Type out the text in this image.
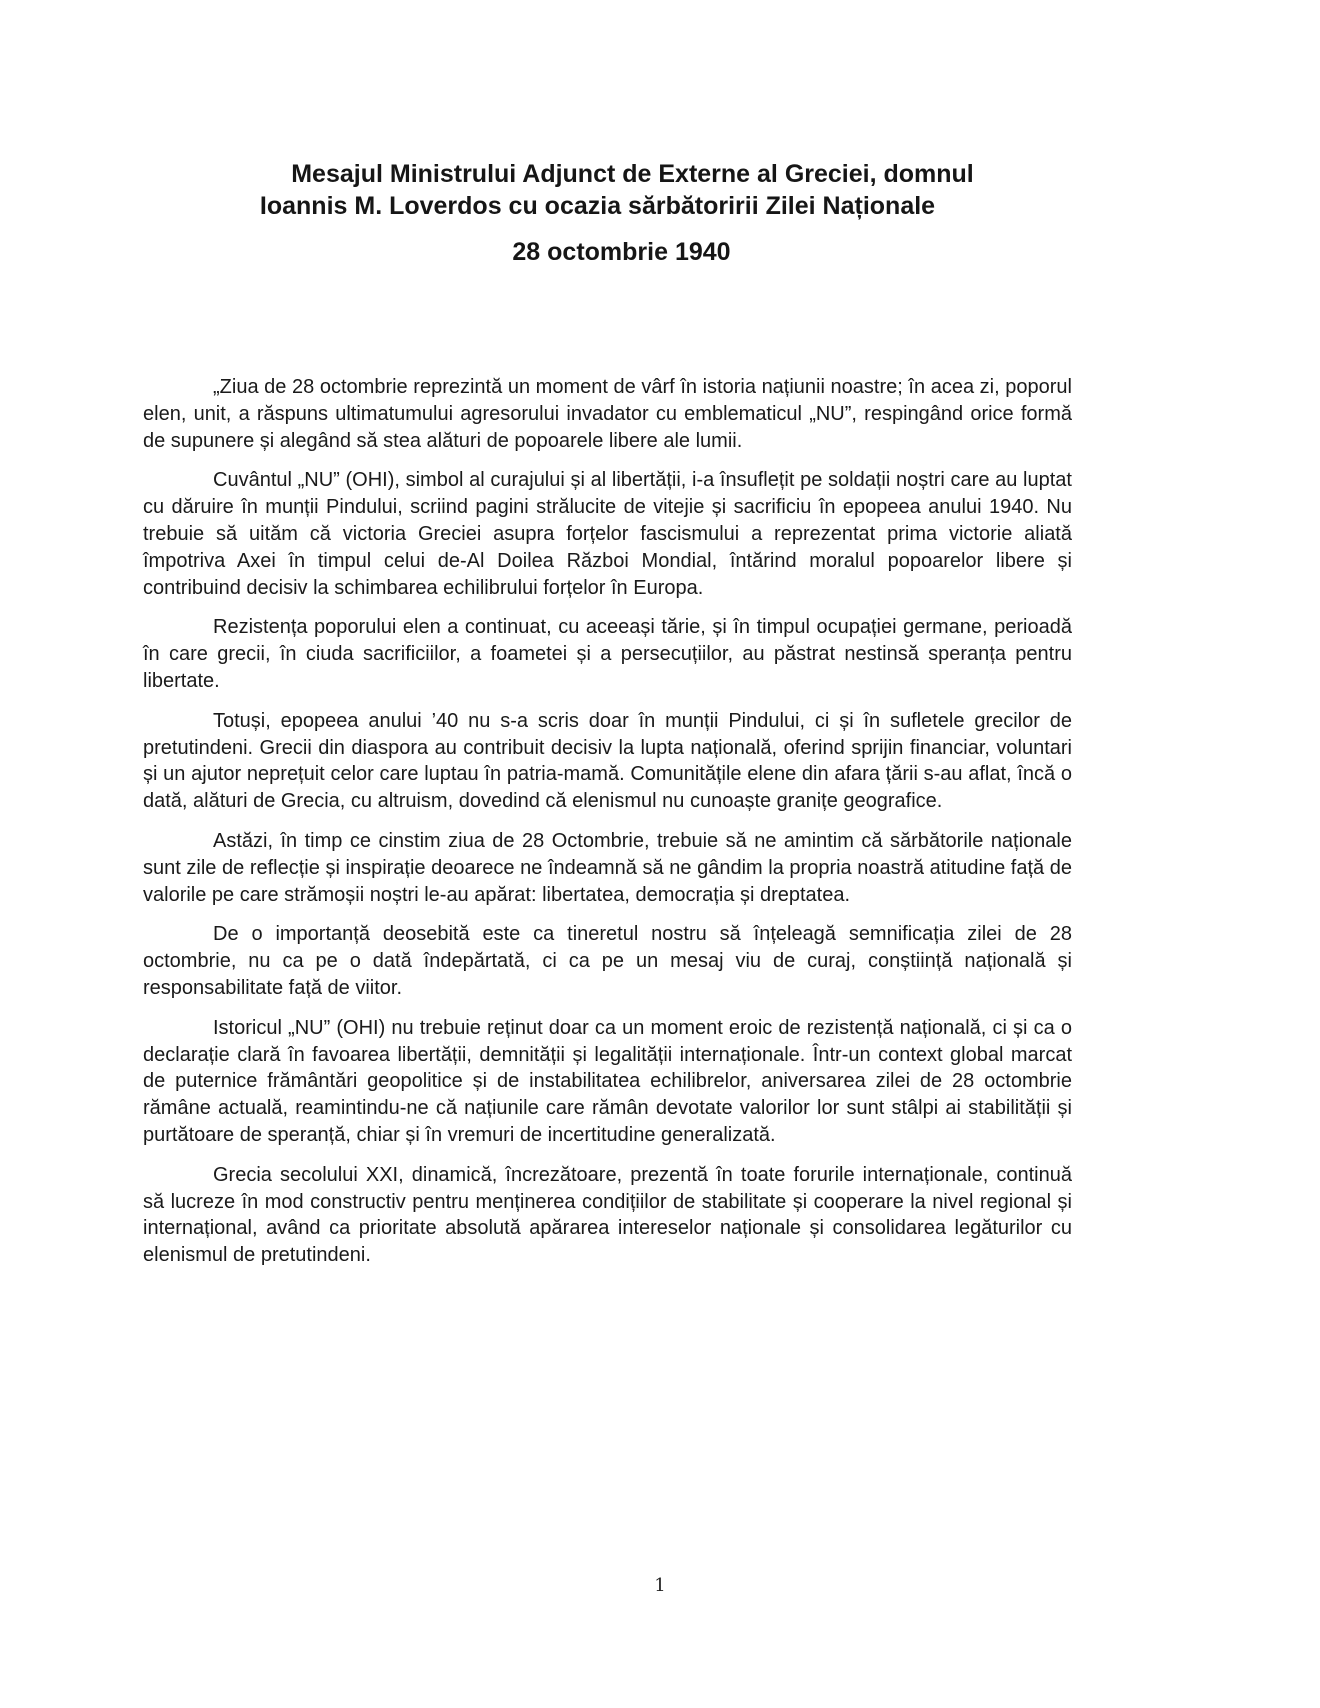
Mesajul Ministrului Adjunct de Externe al Greciei, domnul
Ioannis M. Loverdos cu ocazia sărbătoririi Zilei Naționale
28 octombrie 1940

„Ziua de 28 octombrie reprezintă un moment de vârf în istoria națiunii noastre; în acea zi, poporul elen, unit, a răspuns ultimatumului agresorului invadator cu emblematicul „NU”, respingând orice formă de supunere și alegând să stea alături de popoarele libere ale lumii.

Cuvântul „NU” (OHI), simbol al curajului și al libertății, i-a însuflețit pe soldații noștri care au luptat cu dăruire în munții Pindului, scriind pagini strălucite de vitejie și sacrificiu în epopeea anului 1940. Nu trebuie să uităm că victoria Greciei asupra forțelor fascismului a reprezentat prima victorie aliată împotriva Axei în timpul celui de-Al Doilea Război Mondial, întărind moralul popoarelor libere și contribuind decisiv la schimbarea echilibrului forțelor în Europa.

Rezistența poporului elen a continuat, cu aceeași tărie, și în timpul ocupației germane, perioadă în care grecii, în ciuda sacrificiilor, a foametei și a persecuțiilor, au păstrat nestinsă speranța pentru libertate.

Totuși, epopeea anului ’40 nu s-a scris doar în munții Pindului, ci și în sufletele grecilor de pretutindeni. Grecii din diaspora au contribuit decisiv la lupta națională, oferind sprijin financiar, voluntari și un ajutor neprețuit celor care luptau în patria-mamă. Comunitățile elene din afara țării s-au aflat, încă o dată, alături de Grecia, cu altruism, dovedind că elenismul nu cunoaște granițe geografice.

Astăzi, în timp ce cinstim ziua de 28 Octombrie, trebuie să ne amintim că sărbătorile naționale sunt zile de reflecție și inspirație deoarece ne îndeamnă să ne gândim la propria noastră atitudine față de valorile pe care strămoșii noștri le-au apărat: libertatea, democrația și dreptatea.

De o importanță deosebită este ca tineretul nostru să înțeleagă semnificația zilei de 28 octombrie, nu ca pe o dată îndepărtată, ci ca pe un mesaj viu de curaj, conștiință națională și responsabilitate față de viitor.

Istoricul „NU” (OHI) nu trebuie reținut doar ca un moment eroic de rezistență națională, ci și ca o declarație clară în favoarea libertății, demnității și legalității internaționale. Într-un context global marcat de puternice frământări geopolitice și de instabilitatea echilibrelor, aniversarea zilei de 28 octombrie rămâne actuală, reamintindu-ne că națiunile care rămân devotate valorilor lor sunt stâlpi ai stabilității și purtătoare de speranță, chiar și în vremuri de incertitudine generalizată.

Grecia secolului XXI, dinamică, încrezătoare, prezentă în toate forurile internaționale, continuă să lucreze în mod constructiv pentru menținerea condițiilor de stabilitate și cooperare la nivel regional și internațional, având ca prioritate absolută apărarea intereselor naționale și consolidarea legăturilor cu elenismul de pretutindeni.

1
